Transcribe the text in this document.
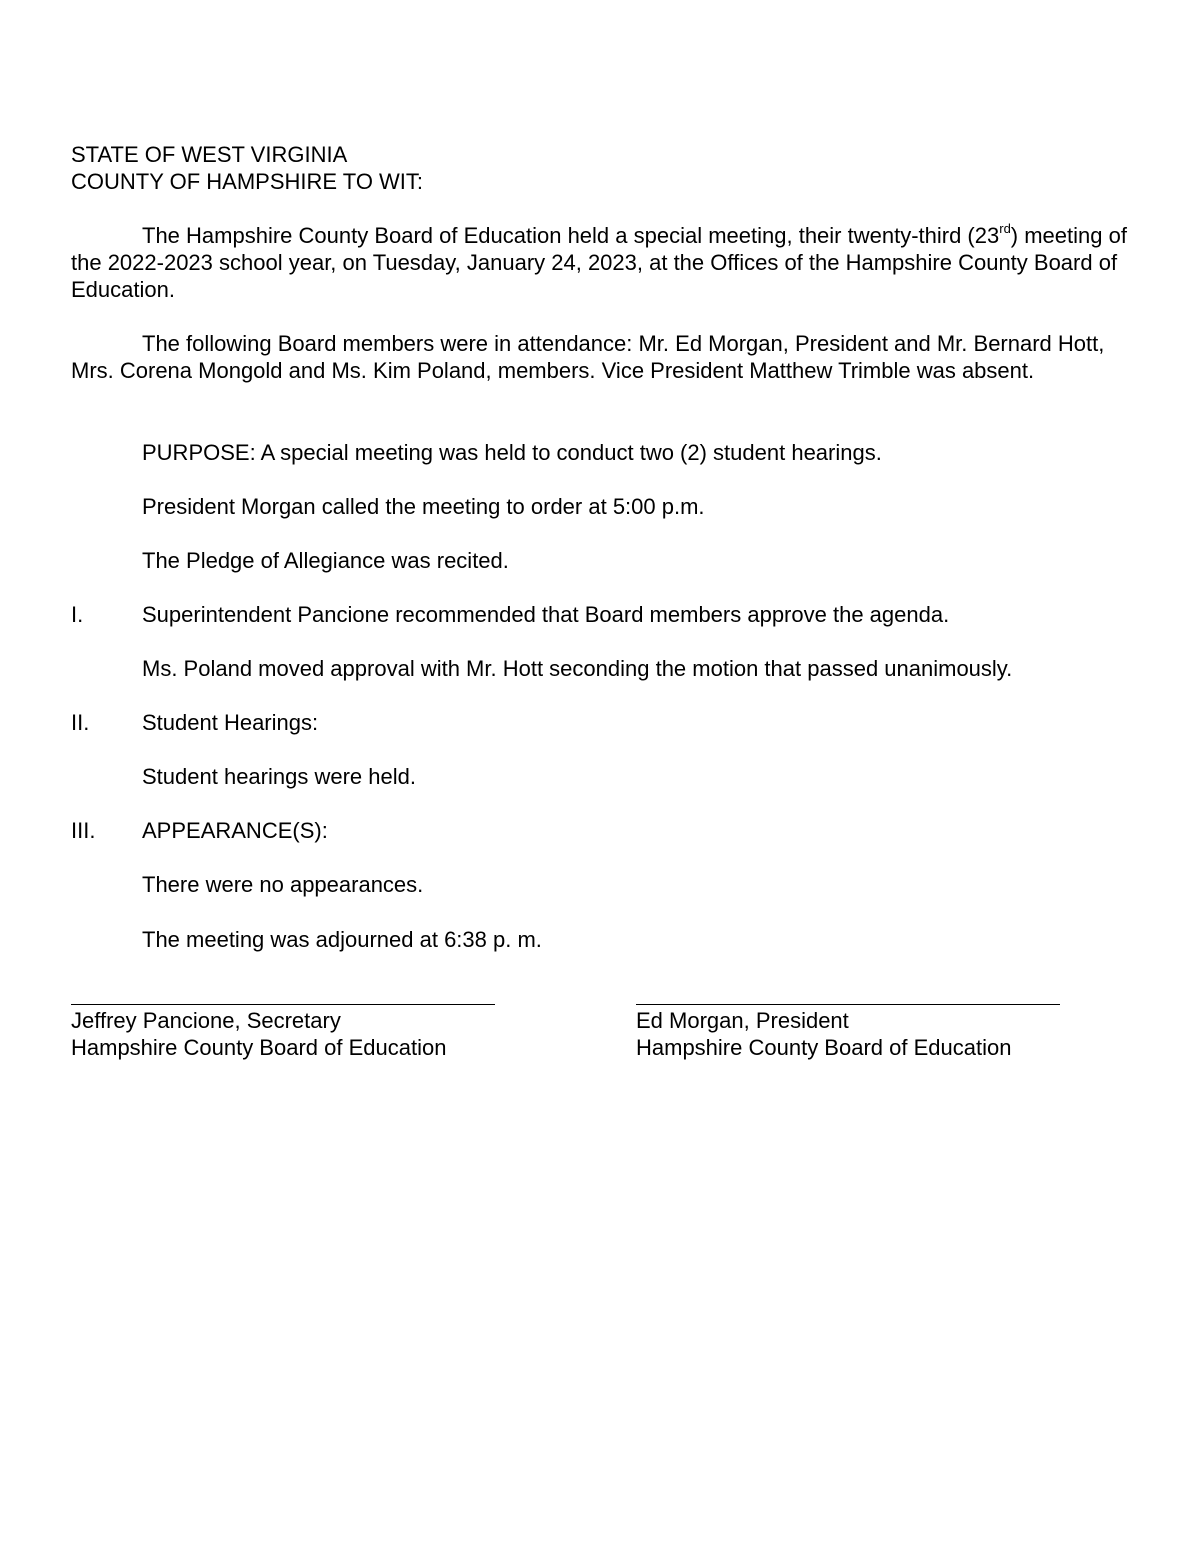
STATE OF WEST VIRGINIA
COUNTY OF HAMPSHIRE TO WIT:

The Hampshire County Board of Education held a special meeting, their twenty-third (23rd) meeting of the 2022-2023 school year, on Tuesday, January 24, 2023, at the Offices of the Hampshire County Board of Education.

The following Board members were in attendance: Mr. Ed Morgan, President and Mr. Bernard Hott, Mrs. Corena Mongold and Ms. Kim Poland, members. Vice President Matthew Trimble was absent.

PURPOSE: A special meeting was held to conduct two (2) student hearings.

President Morgan called the meeting to order at 5:00 p.m.

The Pledge of Allegiance was recited.

I.	Superintendent Pancione recommended that Board members approve the agenda.

Ms. Poland moved approval with Mr. Hott seconding the motion that passed unanimously.

II. Student Hearings:

Student hearings were held.

III. APPEARANCE(S):

There were no appearances.

The meeting was adjourned at 6:38 p. m.

Jeffrey Pancione, Secretary
Hampshire County Board of Education
Ed Morgan, President
Hampshire County Board of Education
